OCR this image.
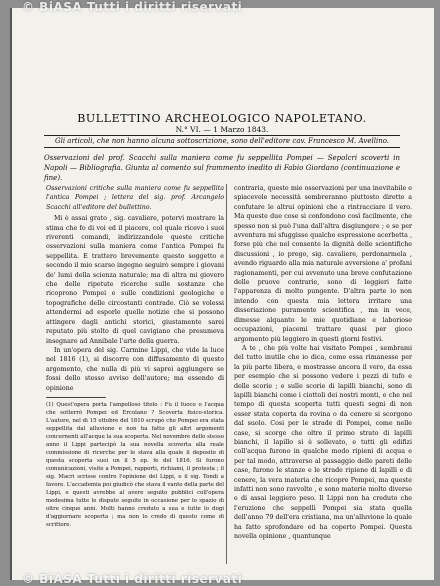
BULLETTINO ARCHEOLOGICO NAPOLETANO.
N.° VI. — 1 Marzo 1843.
Gli articoli, che non hanno alcuna sottoscrizione, sono dell'editore cav. Francesco M. Avellino.
Osservazioni del prof. Scacchi sulla maniera come fu seppellita Pompei — Sepolcri scoverti in Napoli — Bibliografia. Giunta al comento sul frammento inedito di Fabio Giordano (continuazione e fine).

Osservazioni critiche sulla maniera come fu seppellita l'antica Pompei ; lettera del sig. prof. Arcangelo Scacchi all'editore del bullettino.

Mi è assai grato , sig. cavaliere, potervi mostrare la stima che fo di voi ed il piacere, col quale ricevo i suoi riverenti comandi, indirizzandole queste critiche osservazioni sulla maniera come l'antica Pompei fu seppellita. E trattero brevemente questo soggetto e secondo il mio scarso ingegno seguirò sempre i giovani de' lumi della scienza naturale; ma di altra mi giovero che delle ripetute ricerche sulle sostanze che ricoprono Pompei e sulle condizioni geologiche e topografiche delle circostanti contrade. Ciò se volessi attendermi ad esporle quelle notizie che si possono attingere dagli antichi storici, giustamente sarei reputato più stolto di quel cavigiano che presumeva insegnare ad Annibale l'arte della guerra.

In un'opera del sig. Carmine Lippi, che vide la luce nel 1816 (1), si discorre con diffusamento di questo argomento, che nulla di più vi saprei aggiungere se fossi dello stesso avviso dell'autore; ma essendo di opinione

(1) Quest'opera porta l'ampolloso titolo : Fu il fuoco o l'acqua che sotterrò Pompei ed Ercolano ? Scoverta fisico-storica. L'autore, nel di 15 ottobre del 1810 scrupò che Pompei era stata seppellita dal alluvione e non ha fatto gli altri argomenti concernenti all'acque la sua scoperta. Nel novembre dello stesso anno il Lippi partecipò la sua novella scoverta alla reale commissione di ricerche per le stava alla quale il deposito di questa scoperta suoi un il 5 ep. fe del 1816. Si furono comunicazioni, visite a Pompei, rapporti, richiami, il protesta ; il sig. Macri scrisse contro l'opinione del Lippi, e il sig. Tondi a favore. L'accademia poi giudicò che stava il vanto della parte del Lippi, e questi avrebbe al avere seguito pubblici coll'opera medesima tutte le dispute seguite in occasione per lo spazio di oltre cinque anni. Molti hanno creduto a sua e tutte lo dogi d'aggiornare scoperta ; ma non lo credo di questo come di scrittore.

contraria, queste mie osservazioni per una inevitabile e spiacevole necessità sembreranno piuttosto dirette a confutare le altrui opinioni che a rintracciare il vero. Ma queste due cose si confondono così facilmente, che spesso non si può l'una dall'altra disgiungere ; e se per avventura mi sfuggisse qualche espressione acerbetta , forse più che nel consente la dignità delle scientifiche discussioni , io prego, sig. cavaliere, perdonarmela , avendo riguardo alla mia naturale avversione a' profani ragionamenti, per cui avvenuto una breve confutazione delle pruove contrarie, sono di leggieri fatte l'apparenza di molto pungente. D'altra parte io non intendo con questa mia lettera irritare una disseriazione puramente scientifica , ma in vece, dimesse alquanto le mie quotidiane e laboriose occupazioni, piacemi trattare quasi per gioco argomento più leggiero in questi giorni festivi.

A te , che più volte hai visitato Pompei , sembrami del tutto inutile che io dica, come essa rimanesse per la più parte libera, e mostrasse ancora il vero, da essa per esempio che si possono vedere i pezzi di tufo e delle scorie ; e sulle scorie di lapilli bianchi, sono di lapilli bianchi come i ciottoli dei nostri monti, e che nel tempo di questa scoperta tutti questi segni di non esser stata coperta da rovina o da cenere si scorgono dal suolo. Cosi per le strade di Pompei, come nelle case, si scorge che oltre il primo strato di lapilli bianchi, il lapillo si è sollevato, e tutti gli edifizi coll'acqua furono in qualche modo ripieni di acqua e per tal modo, attraverso al passaggio delle pareti delle case, furono le stanze e le strade ripiene di lapilli e di cenere, la vera materia che ricopre Pompei, ma queste infatti non sono ravvolte , e sono materie molto diverse e di assai leggiero peso. Il Lippi non ha creduto che l'eruzione che seppellì Pompei sia stata quella dell'anno 79 dell'era cristiana, ma un'alluvione la quale ha fatto sprofondare ed ha coperto Pompei. Questa novella opinione , quantunque

© BiASA Tutti i diritti riservati
© BiASA Tutti i diritti riservati
